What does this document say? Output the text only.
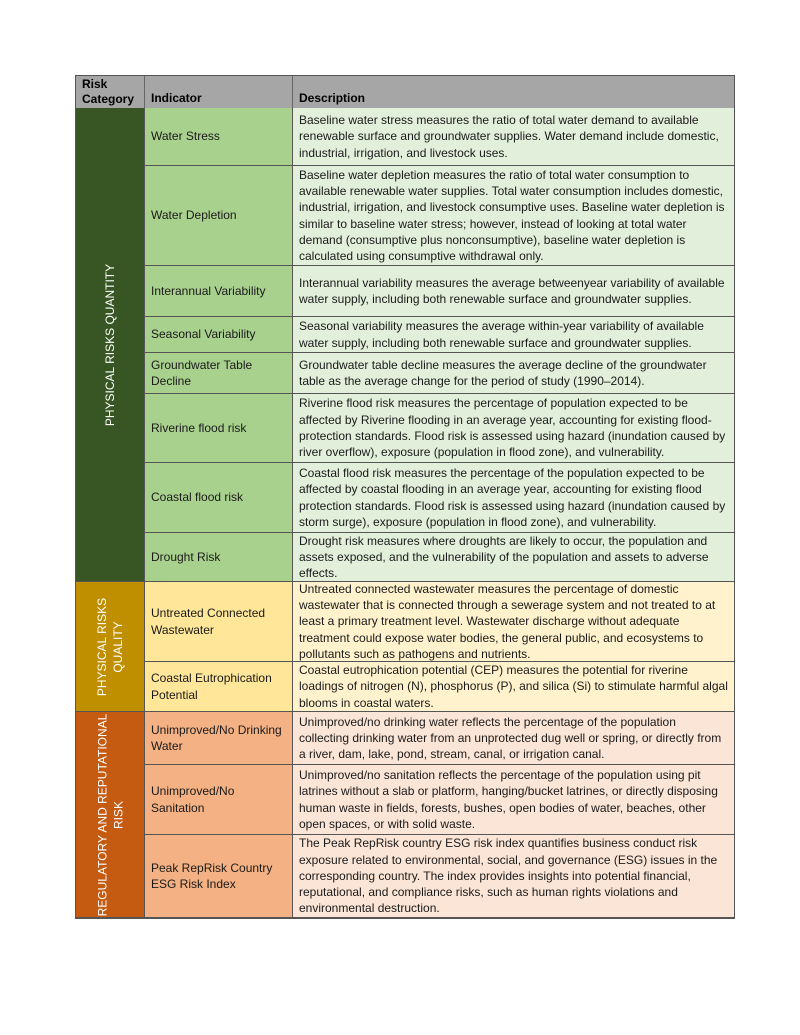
Risk
Category	Indicator	Description
PHYSICAL RISKS QUANTITY
PHYSICAL RISKS QUALITY
REGULATORY AND REPUTATIONAL RISK
Water Stress
Baseline water stress measures the ratio of total water demand to available renewable surface and groundwater supplies. Water demand include domestic, industrial, irrigation, and livestock uses.
Water Depletion
Baseline water depletion measures the ratio of total water consumption to available renewable water supplies. Total water consumption includes domestic, industrial, irrigation, and livestock consumptive uses. Baseline water depletion is similar to baseline water stress; however, instead of looking at total water demand (consumptive plus nonconsumptive), baseline water depletion is calculated using consumptive withdrawal only.
Interannual Variability
Interannual variability measures the average betweenyear variability of available water supply, including both renewable surface and groundwater supplies.
Seasonal Variability
Seasonal variability measures the average within-year variability of available water supply, including both renewable surface and groundwater supplies.
Groundwater Table Decline
Groundwater table decline measures the average decline of the groundwater table as the average change for the period of study (1990–2014).
Riverine flood risk
Riverine flood risk measures the percentage of population expected to be affected by Riverine flooding in an average year, accounting for existing flood-protection standards. Flood risk is assessed using hazard (inundation caused by river overflow), exposure (population in flood zone), and vulnerability.
Coastal flood risk
Coastal flood risk measures the percentage of the population expected to be affected by coastal flooding in an average year, accounting for existing flood protection standards. Flood risk is assessed using hazard (inundation caused by storm surge), exposure (population in flood zone), and vulnerability.
Drought Risk
Drought risk measures where droughts are likely to occur, the population and assets exposed, and the vulnerability of the population and assets to adverse effects.
Untreated Connected Wastewater
Untreated connected wastewater measures the percentage of domestic wastewater that is connected through a sewerage system and not treated to at least a primary treatment level. Wastewater discharge without adequate treatment could expose water bodies, the general public, and ecosystems to pollutants such as pathogens and nutrients.
Coastal Eutrophication Potential
Coastal eutrophication potential (CEP) measures the potential for riverine loadings of nitrogen (N), phosphorus (P), and silica (Si) to stimulate harmful algal blooms in coastal waters.
Unimproved/No Drinking Water
Unimproved/no drinking water reflects the percentage of the population collecting drinking water from an unprotected dug well or spring, or directly from a river, dam, lake, pond, stream, canal, or irrigation canal.
Unimproved/No Sanitation
Unimproved/no sanitation reflects the percentage of the population using pit latrines without a slab or platform, hanging/bucket latrines, or directly disposing human waste in fields, forests, bushes, open bodies of water, beaches, other open spaces, or with solid waste.
Peak RepRisk Country ESG Risk Index
The Peak RepRisk country ESG risk index quantifies business conduct risk exposure related to environmental, social, and governance (ESG) issues in the corresponding country. The index provides insights into potential financial, reputational, and compliance risks, such as human rights violations and environmental destruction.
